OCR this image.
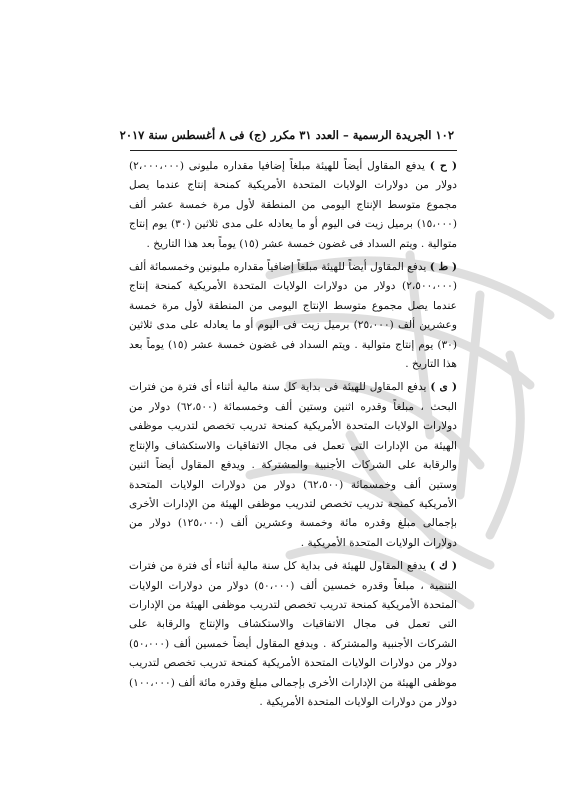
١٠٢ الجريدة الرسمية – العدد ٣١ مكرر (ج) فى ٨ أغسطس سنة ٢٠١٧

( ح ) يدفع المقاول أيضاً للهيئة مبلغاً إضافيا مقداره مليونى (٢،٠٠٠،٠٠٠) دولار من دولارات الولايات المتحدة الأمريكية كمنحة إنتاج عندما يصل مجموع متوسط الإنتاج اليومى من المنطقة لأول مرة خمسة عشر ألف (١٥،٠٠٠) برميل زيت فى اليوم أو ما يعادله على مدى ثلاثين (٣٠) يوم إنتاج متوالية . ويتم السداد فى غضون خمسة عشر (١٥) يوماً بعد هذا التاريخ .

( ط ) يدفع المقاول أيضاً للهيئة مبلغاً إضافياً مقداره مليونين وخمسمائة ألف (٢،٥٠٠،٠٠٠) دولار من دولارات الولايات المتحدة الأمريكية كمنحة إنتاج عندما يصل مجموع متوسط الإنتاج اليومى من المنطقة لأول مرة خمسة وعشرين ألف (٢٥،٠٠٠) برميل زيت فى اليوم أو ما يعادله على مدى ثلاثين (٣٠) يوم إنتاج متوالية . ويتم السداد فى غضون خمسة عشر (١٥) يوماً بعد هذا التاريخ .

( ى ) يدفع المقاول للهيئة فى بداية كل سنة مالية أثناء أى فترة من فترات البحث ، مبلغاً وقدره اثنين وستين ألف وخمسمائة (٦٢،٥٠٠) دولار من دولارات الولايات المتحدة الأمريكية كمنحة تدريب تخصص لتدريب موظفى الهيئة من الإدارات التى تعمل فى مجال الاتفاقيات والاستكشاف والإنتاج والرقابة على الشركات الأجنبية والمشتركة . ويدفع المقاول أيضاً اثنين وستين ألف وخمسمائة (٦٢،٥٠٠) دولار من دولارات الولايات المتحدة الأمريكية كمنحة تدريب تخصص لتدريب موظفى الهيئة من الإدارات الأخرى بإجمالى مبلغ وقدره مائة وخمسة وعشرين ألف (١٢٥،٠٠٠) دولار من دولارات الولايات المتحدة الأمريكية .

( ك ) يدفع المقاول للهيئة فى بداية كل سنة مالية أثناء أى فترة من فترات التنمية ، مبلغاً وقدره خمسين ألف (٥٠،٠٠٠) دولار من دولارات الولايات المتحدة الأمريكية كمنحة تدريب تخصص لتدريب موظفى الهيئة من الإدارات التى تعمل فى مجال الاتفاقيات والاستكشاف والإنتاج والرقابة على الشركات الأجنبية والمشتركة . ويدفع المقاول أيضاً خمسين ألف (٥٠،٠٠٠) دولار من دولارات الولايات المتحدة الأمريكية كمنحة تدريب تخصص لتدريب موظفى الهيئة من الإدارات الأخرى بإجمالى مبلغ وقدره مائة ألف (١٠٠،٠٠٠) دولار من دولارات الولايات المتحدة الأمريكية .
